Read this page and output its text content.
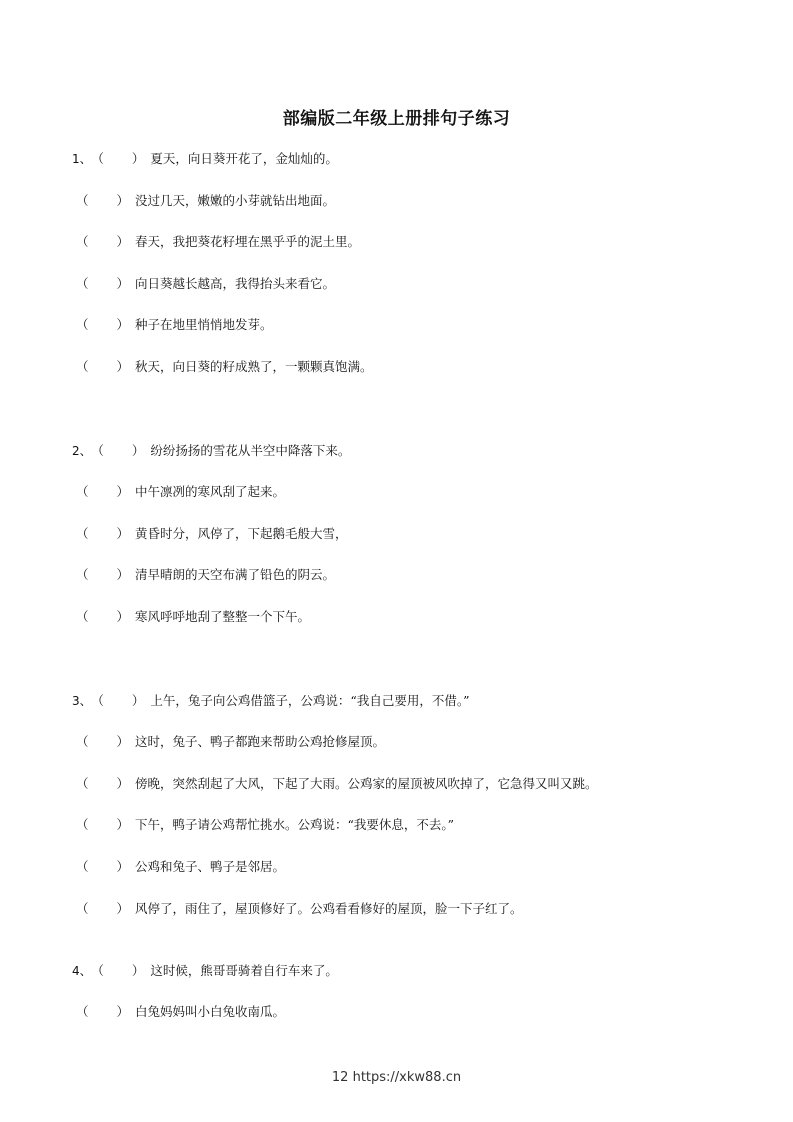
部编版二年级上册排句子练习
1、 （ ） 夏天，向日葵开花了，金灿灿的。
（ ） 没过几天，嫩嫩的小芽就钻出地面。
（ ） 春天，我把葵花籽埋在黑乎乎的泥土里。
（ ） 向日葵越长越高，我得抬头来看它。
（ ） 种子在地里悄悄地发芽。
（ ） 秋天，向日葵的籽成熟了，一颗颗真饱满。
2、 （ ） 纷纷扬扬的雪花从半空中降落下来。
（ ） 中午凛冽的寒风刮了起来。
（ ） 黄昏时分，风停了，下起鹅毛般大雪，
（ ） 清早晴朗的天空布满了铅色的阴云。
（ ） 寒风呼呼地刮了整整一个下午。
3、 （ ） 上午，兔子向公鸡借篮子，公鸡说：“我自己要用，不借。”
（ ） 这时，兔子、鸭子都跑来帮助公鸡抢修屋顶。
（ ） 傍晚，突然刮起了大风，下起了大雨。公鸡家的屋顶被风吹掉了，它急得又叫又跳。
（ ） 下午，鸭子请公鸡帮忙挑水。公鸡说：“我要休息，不去。”
（ ） 公鸡和兔子、鸭子是邻居。
（ ） 风停了，雨住了，屋顶修好了。公鸡看看修好的屋顶，脸一下子红了。
4、 （ ） 这时候，熊哥哥骑着自行车来了。
（ ） 白兔妈妈叫小白兔收南瓜。
12 https://xkw88.cn
